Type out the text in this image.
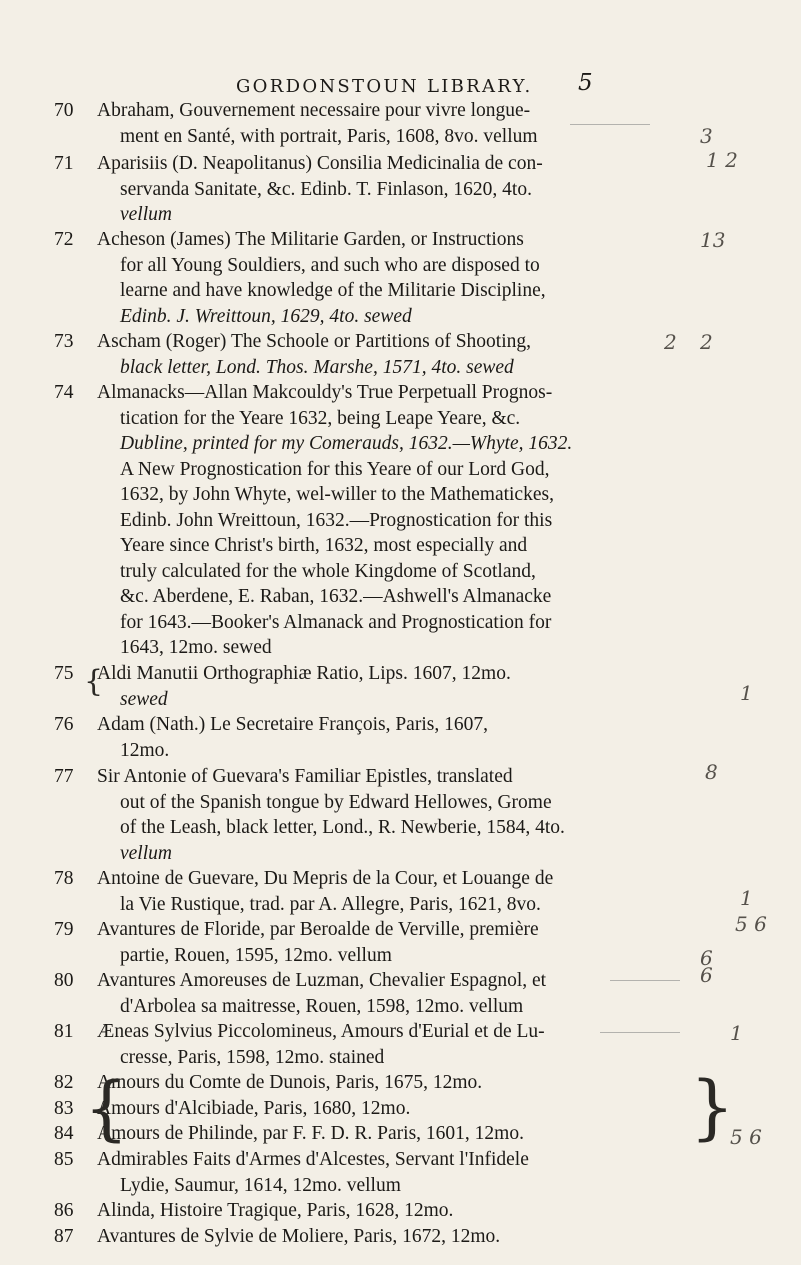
GORDONSTOUN LIBRARY. 5
70 Abraham, Gouvernement necessaire pour vivre longue-
ment en Santé, with portrait, Paris, 1608, 8vo. vellum
71 Aparisiis (D. Neapolitanus) Consilia Medicinalia de con-
servanda Sanitate, &c. Edinb. T. Finlason, 1620, 4to.
vellum
72 Acheson (James) The Militarie Garden, or Instructions
for all Young Souldiers, and such who are disposed to
learne and have knowledge of the Militarie Discipline,
Edinb. J. Wreittoun, 1629, 4to. sewed
73 Ascham (Roger) The Schoole or Partitions of Shooting,
black letter, Lond. Thos. Marshe, 1571, 4to. sewed
74 Almanacks—Allan Makcouldy's True Perpetuall Prognos-
tication for the Yeare 1632, being Leape Yeare, &c.
Dubline, printed for my Comerauds, 1632.—Whyte, 1632.
A New Prognostication for this Yeare of our Lord God,
1632, by John Whyte, wel-willer to the Mathematickes,
Edinb. John Wreittoun, 1632.—Prognostication for this
Yeare since Christ's birth, 1632, most especially and
truly calculated for the whole Kingdome of Scotland,
&c. Aberdene, E. Raban, 1632.—Ashwell's Almanacke
for 1643.—Booker's Almanack and Prognostication for
1643, 12mo. sewed
75 Aldi Manutii Orthographiæ Ratio, Lips. 1607, 12mo.
sewed
76 Adam (Nath.) Le Secretaire François, Paris, 1607,
12mo.
77 Sir Antonie of Guevara's Familiar Epistles, translated
out of the Spanish tongue by Edward Hellowes, Grome
of the Leash, black letter, Lond., R. Newberie, 1584, 4to.
vellum
78 Antoine de Guevare, Du Mepris de la Cour, et Louange de
la Vie Rustique, trad. par A. Allegre, Paris, 1621, 8vo.
79 Avantures de Floride, par Beroalde de Verville, première
partie, Rouen, 1595, 12mo. vellum
80 Avantures Amoreuses de Luzman, Chevalier Espagnol, et
d'Arbolea sa maitresse, Rouen, 1598, 12mo. vellum
81 Æneas Sylvius Piccolomineus, Amours d'Eurial et de Lu-
cresse, Paris, 1598, 12mo. stained
82 Amours du Comte de Dunois, Paris, 1675, 12mo.
83 Amours d'Alcibiade, Paris, 1680, 12mo.
84 Amours de Philinde, par F. F. D. R. Paris, 1601, 12mo.
85 Admirables Faits d'Armes d'Alcestes, Servant l'Infidele
Lydie, Saumur, 1614, 12mo. vellum
86 Alinda, Histoire Tragique, Paris, 1628, 12mo.
87 Avantures de Sylvie de Moliere, Paris, 1672, 12mo.
3
1 2
13
2 2
1
8
1
6
5 6
6
1
5 6
{
{	}
